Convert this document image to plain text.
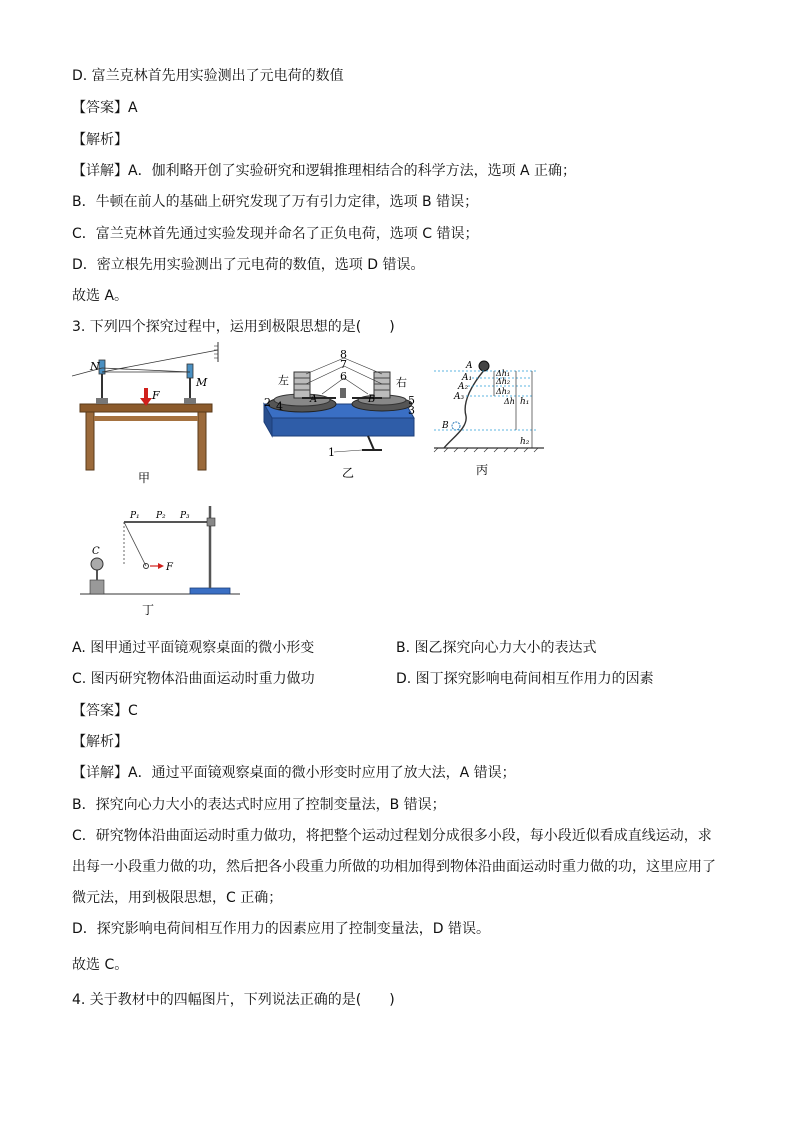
D. 富兰克林首先用实验测出了元电荷的数值
【答案】A
【解析】
【详解】A．伽利略开创了实验研究和逻辑推理相结合的科学方法，选项 A 正确；
B．牛顿在前人的基础上研究发现了万有引力定律，选项 B 错误；
C．富兰克林首先通过实验发现并命名了正负电荷，选项 C 错误；
D．密立根先用实验测出了元电荷的数值，选项 D 错误。
故选 A。
3. 下列四个探究过程中，运用到极限思想的是(　　)
F
N
M
甲
8
7
6
左	右
2 4	5
3
A	B
1
乙
A
A₁
A₂
A₃
B
Δh₁
Δh₂
Δh₃
Δh h₁
h₂
丙
F
C
P₁ P₂ P₃
丁
A. 图甲通过平面镜观察桌面的微小形变	B. 图乙探究向心力大小的表达式
C. 图丙研究物体沿曲面运动时重力做功	D. 图丁探究影响电荷间相互作用力的因素
【答案】C
【解析】
【详解】A．通过平面镜观察桌面的微小形变时应用了放大法，A 错误；
B．探究向心力大小的表达式时应用了控制变量法，B 错误；
C．研究物体沿曲面运动时重力做功，将把整个运动过程划分成很多小段，每小段近似看成直线运动，求
出每一小段重力做的功，然后把各小段重力所做的功相加得到物体沿曲面运动时重力做的功，这里应用了
微元法，用到极限思想，C 正确；
D．探究影响电荷间相互作用力的因素应用了控制变量法，D 错误。
故选 C。
4. 关于教材中的四幅图片，下列说法正确的是(　　)
